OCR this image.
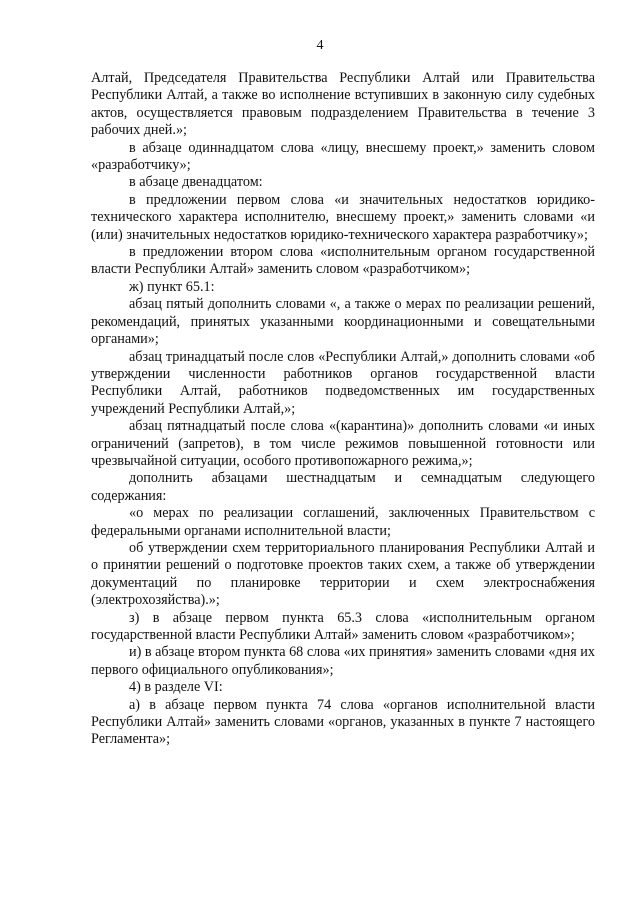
4

Алтай, Председателя Правительства Республики Алтай или Правительства Республики Алтай, а также во исполнение вступивших в законную силу судебных актов, осуществляется правовым подразделением Правительства в течение 3 рабочих дней.»;

в абзаце одиннадцатом слова «лицу, внесшему проект,» заменить словом «разработчику»;

в абзаце двенадцатом:

в предложении первом слова «и значительных недостатков юридико-технического характера исполнителю, внесшему проект,» заменить словами «и (или) значительных недостатков юридико-технического характера разработчику»;

в предложении втором слова «исполнительным органом государственной власти Республики Алтай» заменить словом «разработчиком»;

ж) пункт 65.1:

абзац пятый дополнить словами «, а также о мерах по реализации решений, рекомендаций, принятых указанными координационными и совещательными органами»;

абзац тринадцатый после слов «Республики Алтай,» дополнить словами «об утверждении численности работников органов государственной власти Республики Алтай, работников подведомственных им государственных учреждений Республики Алтай,»;

абзац пятнадцатый после слова «(карантина)» дополнить словами «и иных ограничений (запретов), в том числе режимов повышенной готовности или чрезвычайной ситуации, особого противопожарного режима,»;

дополнить абзацами шестнадцатым и семнадцатым следующего содержания:

«о мерах по реализации соглашений, заключенных Правительством с федеральными органами исполнительной власти;

об утверждении схем территориального планирования Республики Алтай и о принятии решений о подготовке проектов таких схем, а также об утверждении документаций по планировке территории и схем электроснабжения (электрохозяйства).»;

з) в абзаце первом пункта 65.3 слова «исполнительным органом государственной власти Республики Алтай» заменить словом «разработчиком»;

и) в абзаце втором пункта 68 слова «их принятия» заменить словами «дня их первого официального опубликования»;

4) в разделе VI:

а) в абзаце первом пункта 74 слова «органов исполнительной власти Республики Алтай» заменить словами «органов, указанных в пункте 7 настоящего Регламента»;
